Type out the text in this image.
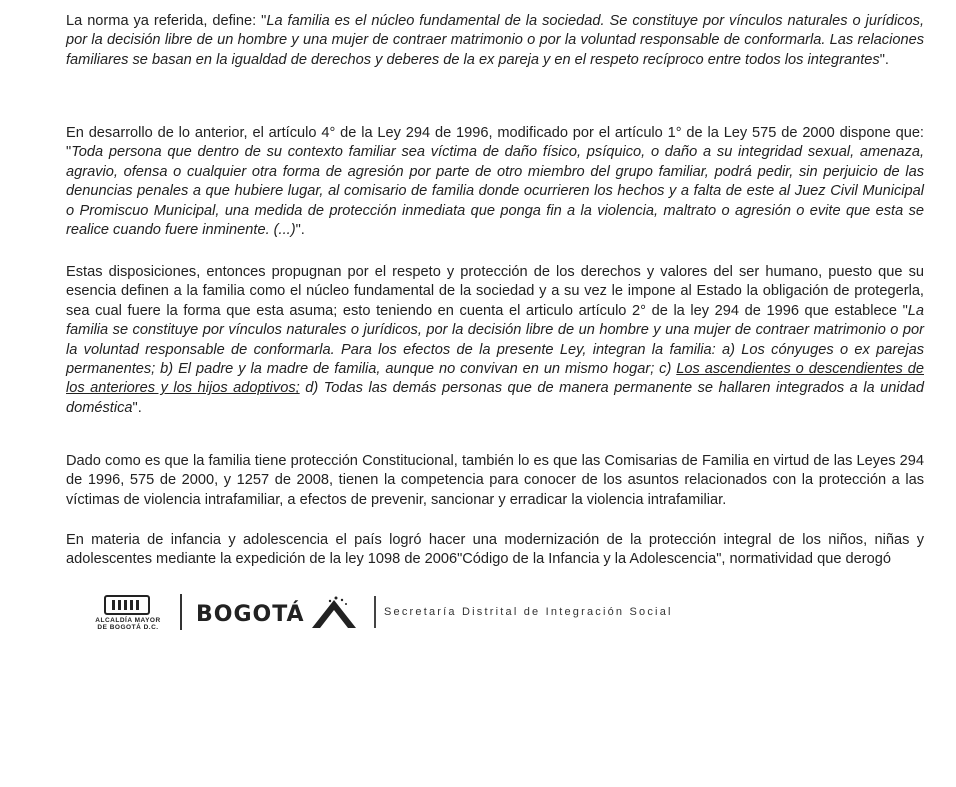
La norma ya referida, define: "La familia es el núcleo fundamental de la sociedad. Se constituye por vínculos naturales o jurídicos, por la decisión libre de un hombre y una mujer de contraer matrimonio o por la voluntad responsable de conformarla. Las relaciones familiares se basan en la igualdad de derechos y deberes de la ex pareja y en el respeto recíproco entre todos los integrantes".

En desarrollo de lo anterior, el artículo 4° de la Ley 294 de 1996, modificado por el artículo 1° de la Ley 575 de 2000 dispone que: "Toda persona que dentro de su contexto familiar sea víctima de daño físico, psíquico, o daño a su integridad sexual, amenaza, agravio, ofensa o cualquier otra forma de agresión por parte de otro miembro del grupo familiar, podrá pedir, sin perjuicio de las denuncias penales a que hubiere lugar, al comisario de familia donde ocurrieren los hechos y a falta de este al Juez Civil Municipal o Promiscuo Municipal, una medida de protección inmediata que ponga fin a la violencia, maltrato o agresión o evite que esta se realice cuando fuere inminente. (...)".

Estas disposiciones, entonces propugnan por el respeto y protección de los derechos y valores del ser humano, puesto que su esencia definen a la familia como el núcleo fundamental de la sociedad y a su vez le impone al Estado la obligación de protegerla, sea cual fuere la forma que esta asuma; esto teniendo en cuenta el articulo artículo 2° de la ley 294 de 1996 que establece "La familia se constituye por vínculos naturales o jurídicos, por la decisión libre de un hombre y una mujer de contraer matrimonio o por la voluntad responsable de conformarla. Para los efectos de la presente Ley, integran la familia: a) Los cónyuges o ex parejas permanentes; b) El padre y la madre de familia, aunque no convivan en un mismo hogar; c) Los ascendientes o descendientes de los anteriores y los hijos adoptivos; d) Todas las demás personas que de manera permanente se hallaren integrados a la unidad doméstica".

Dado como es que la familia tiene protección Constitucional, también lo es que las Comisarias de Familia en virtud de las Leyes 294 de 1996, 575 de 2000, y 1257 de 2008, tienen la competencia para conocer de los asuntos relacionados con la protección a las víctimas de violencia intrafamiliar, a efectos de prevenir, sancionar y erradicar la violencia intrafamiliar.

En materia de infancia y adolescencia el país logró hacer una modernización de la protección integral de los niños, niñas y adolescentes mediante la expedición de la ley 1098 de 2006"Código de la Infancia y la Adolescencia", normatividad que derogó

ALCALDÍA MAYOR
DE BOGOTÁ D.C.
BOGOTÁ	Secretaría Distrital de Integración Social
